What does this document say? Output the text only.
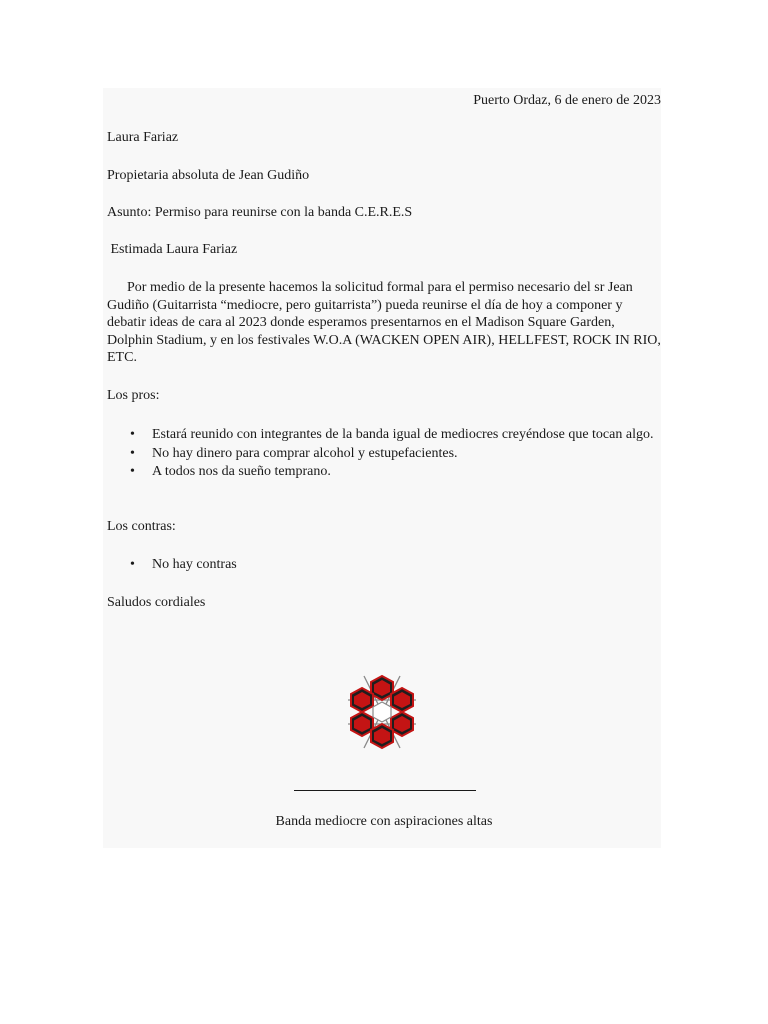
Puerto Ordaz, 6 de enero de 2023
Laura Fariaz
Propietaria absoluta de Jean Gudiño
Asunto: Permiso para reunirse con la banda C.E.R.E.S
Estimada Laura Fariaz
Por medio de la presente hacemos la solicitud formal para el permiso necesario del sr Jean Gudiño (Guitarrista “mediocre, pero guitarrista”) pueda reunirse el día de hoy a componer y debatir ideas de cara al 2023 donde esperamos presentarnos en el Madison Square Garden, Dolphin Stadium, y en los festivales W.O.A (WACKEN OPEN AIR), HELLFEST, ROCK IN RIO, ETC.
Los pros:
• Estará reunido con integrantes de la banda igual de mediocres creyéndose que tocan algo.
• No hay dinero para comprar alcohol y estupefacientes.
• A todos nos da sueño temprano.
Los contras:
• No hay contras
Saludos cordiales
Banda mediocre con aspiraciones altas
